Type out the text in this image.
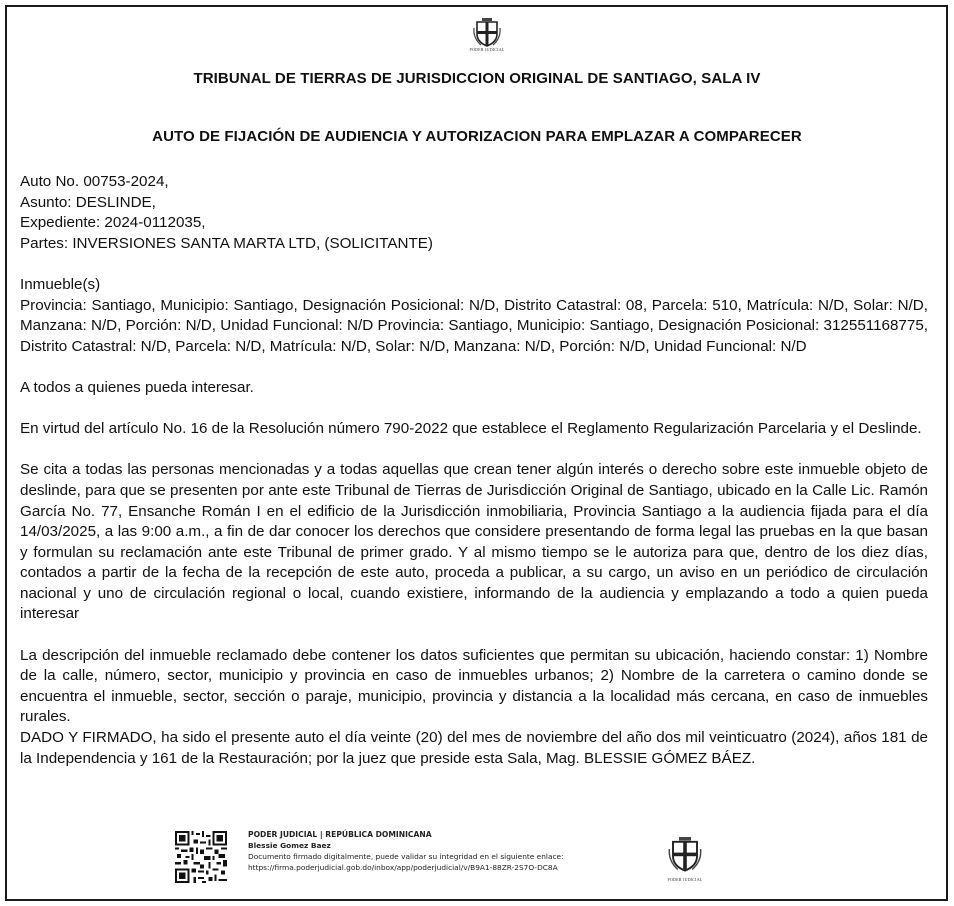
PODER JUDICIAL
TRIBUNAL DE TIERRAS DE JURISDICCION ORIGINAL DE SANTIAGO, SALA IV
AUTO DE FIJACIÓN DE AUDIENCIA Y AUTORIZACION PARA EMPLAZAR A COMPARECER
Auto No. 00753-2024,
Asunto: DESLINDE,
Expediente: 2024-0112035,
Partes: INVERSIONES SANTA MARTA LTD, (SOLICITANTE)
Inmueble(s)
Provincia: Santiago, Municipio: Santiago, Designación Posicional: N/D, Distrito Catastral: 08, Parcela: 510, Matrícula: N/D, Solar: N/D, Manzana: N/D, Porción: N/D, Unidad Funcional: N/D Provincia: Santiago, Municipio: Santiago, Designación Posicional: 312551168775, Distrito Catastral: N/D, Parcela: N/D, Matrícula: N/D, Solar: N/D, Manzana: N/D, Porción: N/D, Unidad Funcional: N/D
A todos a quienes pueda interesar.
En virtud del artículo No. 16 de la Resolución número 790-2022 que establece el Reglamento Regularización Parcelaria y el Deslinde.
Se cita a todas las personas mencionadas y a todas aquellas que crean tener algún interés o derecho sobre este inmueble objeto de deslinde, para que se presenten por ante este Tribunal de Tierras de Jurisdicción Original de Santiago, ubicado en la Calle Lic. Ramón García No. 77, Ensanche Román I en el edificio de la Jurisdicción inmobiliaria, Provincia Santiago a la audiencia fijada para el día 14/03/2025, a las 9:00 a.m., a fin de dar conocer los derechos que considere presentando de forma legal las pruebas en la que basan y formulan su reclamación ante este Tribunal de primer grado. Y al mismo tiempo se le autoriza para que, dentro de los diez días, contados a partir de la fecha de la recepción de este auto, proceda a publicar, a su cargo, un aviso en un periódico de circulación nacional y uno de circulación regional o local, cuando existiere, informando de la audiencia y emplazando a todo a quien pueda interesar
La descripción del inmueble reclamado debe contener los datos suficientes que permitan su ubicación, haciendo constar: 1) Nombre de la calle, número, sector, municipio y provincia en caso de inmuebles urbanos; 2) Nombre de la carretera o camino donde se encuentra el inmueble, sector, sección o paraje, municipio, provincia y distancia a la localidad más cercana, en caso de inmuebles rurales.
DADO Y FIRMADO, ha sido el presente auto el día veinte (20) del mes de noviembre del año dos mil veinticuatro (2024), años 181 de la Independencia y 161 de la Restauración; por la juez que preside esta Sala, Mag. BLESSIE GÓMEZ BÁEZ.
PODER JUDICIAL | REPÚBLICA DOMINICANA
Blessie Gomez Baez
Documento firmado digitalmente, puede validar su integridad en el siguiente enlace:
https://firma.poderjudicial.gob.do/inbox/app/poderjudicial/v/B9A1-88ZR-2S7O-DC8A
PODER JUDICIAL
